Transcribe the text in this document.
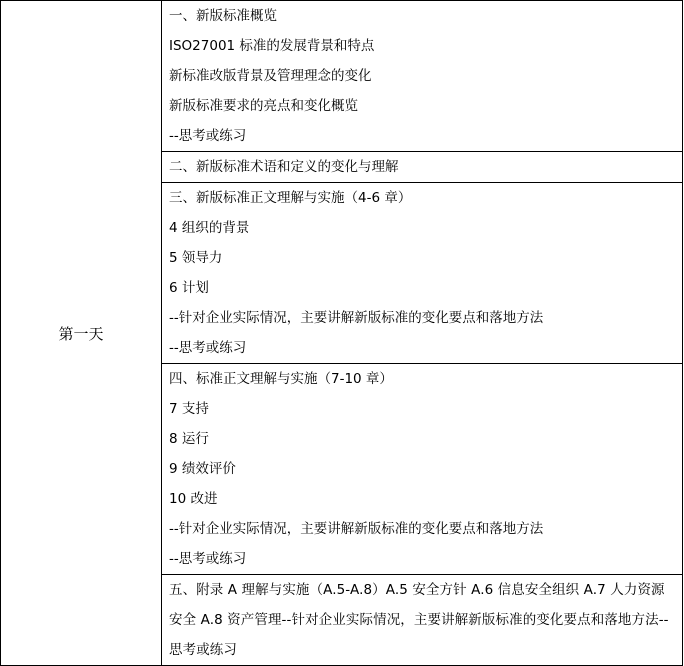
第一天	
一、新版标准概览
ISO27001 标准的发展背景和特点
新标准改版背景及管理理念的变化
新版标准要求的亮点和变化概览
--思考或练习

二、新版标准术语和定义的变化与理解

三、新版标准正文理解与实施（4-6 章）
4 组织的背景
5 领导力
6 计划
--针对企业实际情况，主要讲解新版标准的变化要点和落地方法
--思考或练习

四、标准正文理解与实施（7-10 章）
7 支持
8 运行
9 绩效评价
10 改进
--针对企业实际情况，主要讲解新版标准的变化要点和落地方法
--思考或练习

五、附录 A 理解与实施（A.5-A.8）A.5 安全方针 A.6 信息安全组织 A.7 人力资源安全 A.8 资产管理--针对企业实际情况，主要讲解新版标准的变化要点和落地方法--思考或练习
